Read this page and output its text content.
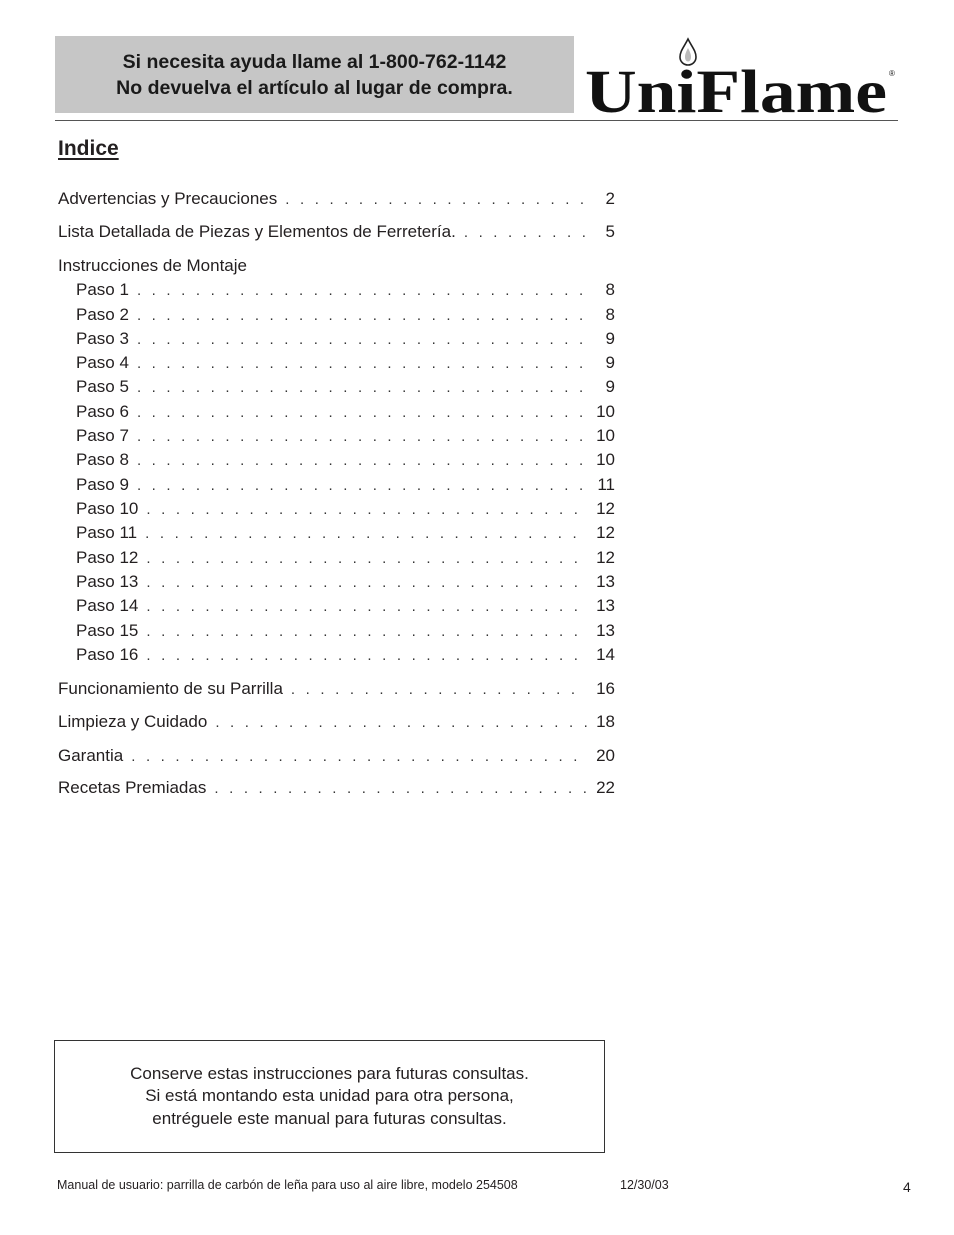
Si necesita ayuda llame al 1-800-762-1142
No devuelva el artículo al lugar de compra. UniFlame ®
Indice
Advertencias y Precauciones . . .	2
Lista Detallada de Piezas y Elementos de Ferretería. . . .	5
Instrucciones de Montaje
Paso 1 . . .	8
Paso 2 . . .	8
Paso 3 . . .	9
Paso 4 . . .	9
Paso 5 . . .	9
Paso 6 . . .	10
Paso 7 . . .	10
Paso 8 . . .	10
Paso 9 . . .	11
Paso 10 . . .	12
Paso 11 . . .	12
Paso 12 . . .	12
Paso 13 . . .	13
Paso 14 . . .	13
Paso 15 . . .	13
Paso 16 . . .	14
Funcionamiento de su Parrilla . . .	16
Limpieza y Cuidado . . .	18
Garantia . . .	20
Recetas Premiadas . . .	22
Conserve estas instrucciones para futuras consultas.
Si está montando esta unidad para otra persona,
entréguele este manual para futuras consultas.
Manual de usuario: parrilla de carbón de leña para uso al aire libre, modelo 254508	12/30/03	4
